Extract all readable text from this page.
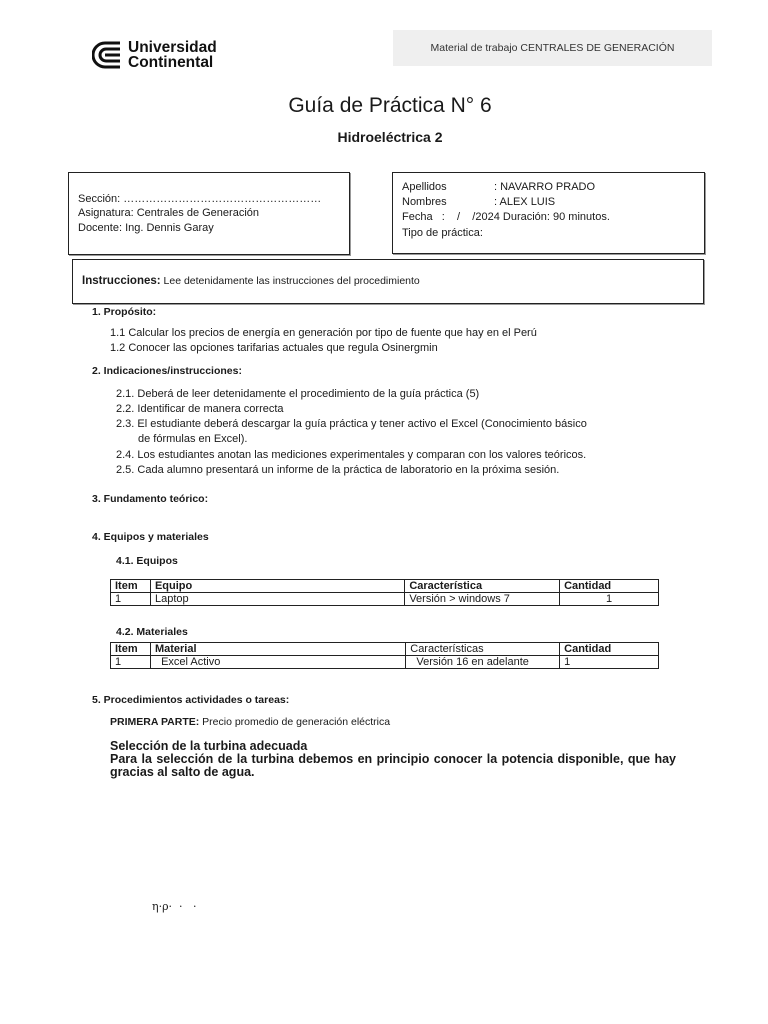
Universidad
Continental
Material de trabajo CENTRALES DE GENERACIÓN
Guía de Práctica N° 6
Hidroeléctrica 2
Sección: ………………………………………………
Asignatura: Centrales de Generación
Docente: Ing. Dennis Garay
Apellidos	: NAVARRO PRADO
Nombres	: ALEX LUIS
Fecha   :    /    /2024 Duración: 90 minutos.
Tipo de práctica:
Instrucciones: Lee detenidamente las instrucciones del procedimiento
1. Propósito:
1.1 Calcular los precios de energía en generación por tipo de fuente que hay en el Perú
1.2 Conocer las opciones tarifarias actuales que regula Osinergmin
2. Indicaciones/instrucciones:
2.1. Deberá de leer detenidamente el procedimiento de la guía práctica (5)
2.2. Identificar de manera correcta
2.3. El estudiante deberá descargar la guía práctica y tener activo el Excel (Conocimiento básico
de fórmulas en Excel).
2.4. Los estudiantes anotan las mediciones experimentales y comparan con los valores teóricos.
2.5. Cada alumno presentará un informe de la práctica de laboratorio en la próxima sesión.
3. Fundamento teórico:
4. Equipos y materiales
4.1. Equipos
Item	Equipo	Característica	Cantidad
1	Laptop	Versión > windows 7	1
4.2. Materiales
Item	Material	Características	Cantidad
1	Excel Activo	Versión 16 en adelante	1
5. Procedimientos actividades o tareas:
PRIMERA PARTE: Precio promedio de generación eléctrica
Selección de la turbina adecuada
Para la selección de la turbina debemos en principio conocer la potencia disponible, que hay gracias al salto de agua.
η·ρ·  ·   ·
